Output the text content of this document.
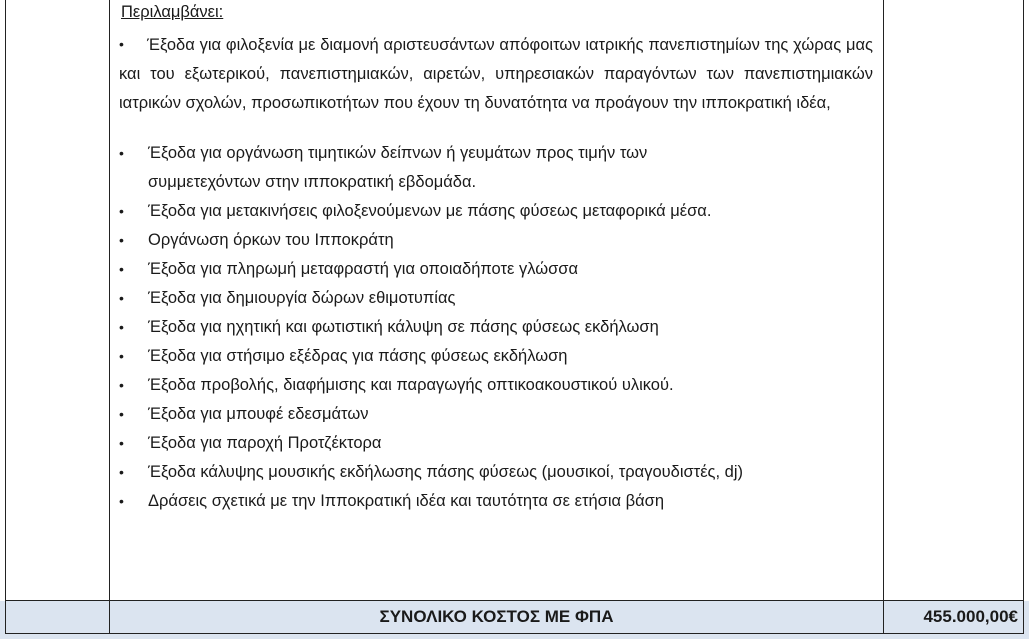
Περιλαμβάνει:
• Έξοδα για φιλοξενία με διαμονή αριστευσάντων απόφοιτων ιατρικής πανεπιστημίων της χώρας μας και του εξωτερικού, πανεπιστημιακών, αιρετών, υπηρεσιακών παραγόντων των πανεπιστημιακών ιατρικών σχολών, προσωπικοτήτων που έχουν τη δυνατότητα να προάγουν την ιπποκρατική ιδέα,
• Έξοδα για οργάνωση τιμητικών δείπνων ή γευμάτων προς τιμήν των συμμετεχόντων στην ιπποκρατική εβδομάδα.
• Έξοδα για μετακινήσεις φιλοξενούμενων με πάσης φύσεως μεταφορικά μέσα.
• Οργάνωση όρκων του Ιπποκράτη
• Έξοδα για πληρωμή μεταφραστή για οποιαδήποτε γλώσσα
• Έξοδα για δημιουργία δώρων εθιμοτυπίας
• Έξοδα για ηχητική και φωτιστική κάλυψη σε πάσης φύσεως εκδήλωση
• Έξοδα για στήσιμο εξέδρας για πάσης φύσεως εκδήλωση
• Έξοδα προβολής, διαφήμισης και παραγωγής οπτικοακουστικού υλικού.
• Έξοδα για μπουφέ εδεσμάτων
• Έξοδα για παροχή Προτζέκτορα
• Έξοδα κάλυψης μουσικής εκδήλωσης πάσης φύσεως (μουσικοί, τραγουδιστές, dj)
• Δράσεις σχετικά με την Ιπποκρατική ιδέα και ταυτότητα σε ετήσια βάση
ΣΥΝΟΛΙΚΟ ΚΟΣΤΟΣ ΜΕ ΦΠΑ	455.000,00€
